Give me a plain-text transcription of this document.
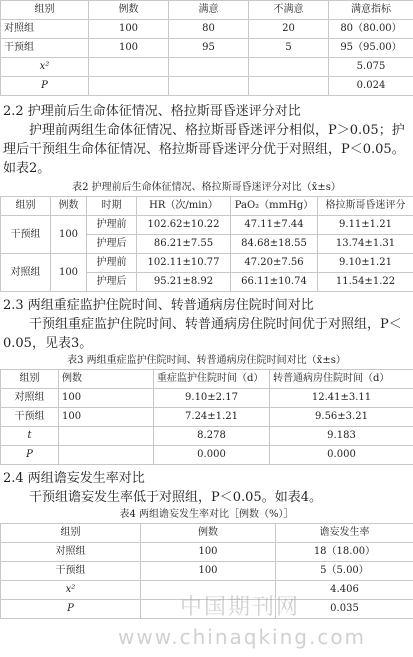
组别	例数	满意	不满意	满意指标
对照组	100	80	20	80（80.00）
干预组	100	95	5	95（95.00）
x²				5.075
P				0.024

2.2 护理前后生命体征情况、格拉斯哥昏迷评分对比

护理前两组生命体征情况、格拉斯哥昏迷评分相似，P＞0.05；护理后干预组生命体征情况、格拉斯哥昏迷评分优于对照组，P＜0.05。如表2。

表2 护理前后生命体征情况、格拉斯哥昏迷评分对比（x̄±s）

组别	例数	时期	HR（次/min）	PaO₂（mmHg）	格拉斯哥昏迷评分
干预组	100	护理前	102.62±10.22	47.11±7.44	9.11±1.21
		护理后	86.21±7.55	84.68±18.55	13.74±1.31
对照组	100	护理前	102.11±10.77	47.20±7.56	9.10±1.21
		护理后	95.21±8.92	66.11±10.74	11.54±1.22

2.3 两组重症监护住院时间、转普通病房住院时间对比

干预组重症监护住院时间、转普通病房住院时间优于对照组，P＜0.05，见表3。

表3 两组重症监护住院时间、转普通病房住院时间对比（x̄±s）

组别	例数	重症监护住院时间（d）	转普通病房住院时间（d）
对照组	100	9.10±2.17	12.41±3.11
干预组	100	7.24±1.21	9.56±3.21
t		8.278	9.183
P		0.000	0.000

2.4 两组谵妄发生率对比

干预组谵妄发生率低于对照组，P＜0.05。如表4。

表4 两组谵妄发生率对比［例数（%）］

组别	例数	谵妄发生率
对照组	100	18（18.00）
干预组	100	5（5.00）
x²		4.406
P		0.035
中国期刊网
www.chinaqking.com
